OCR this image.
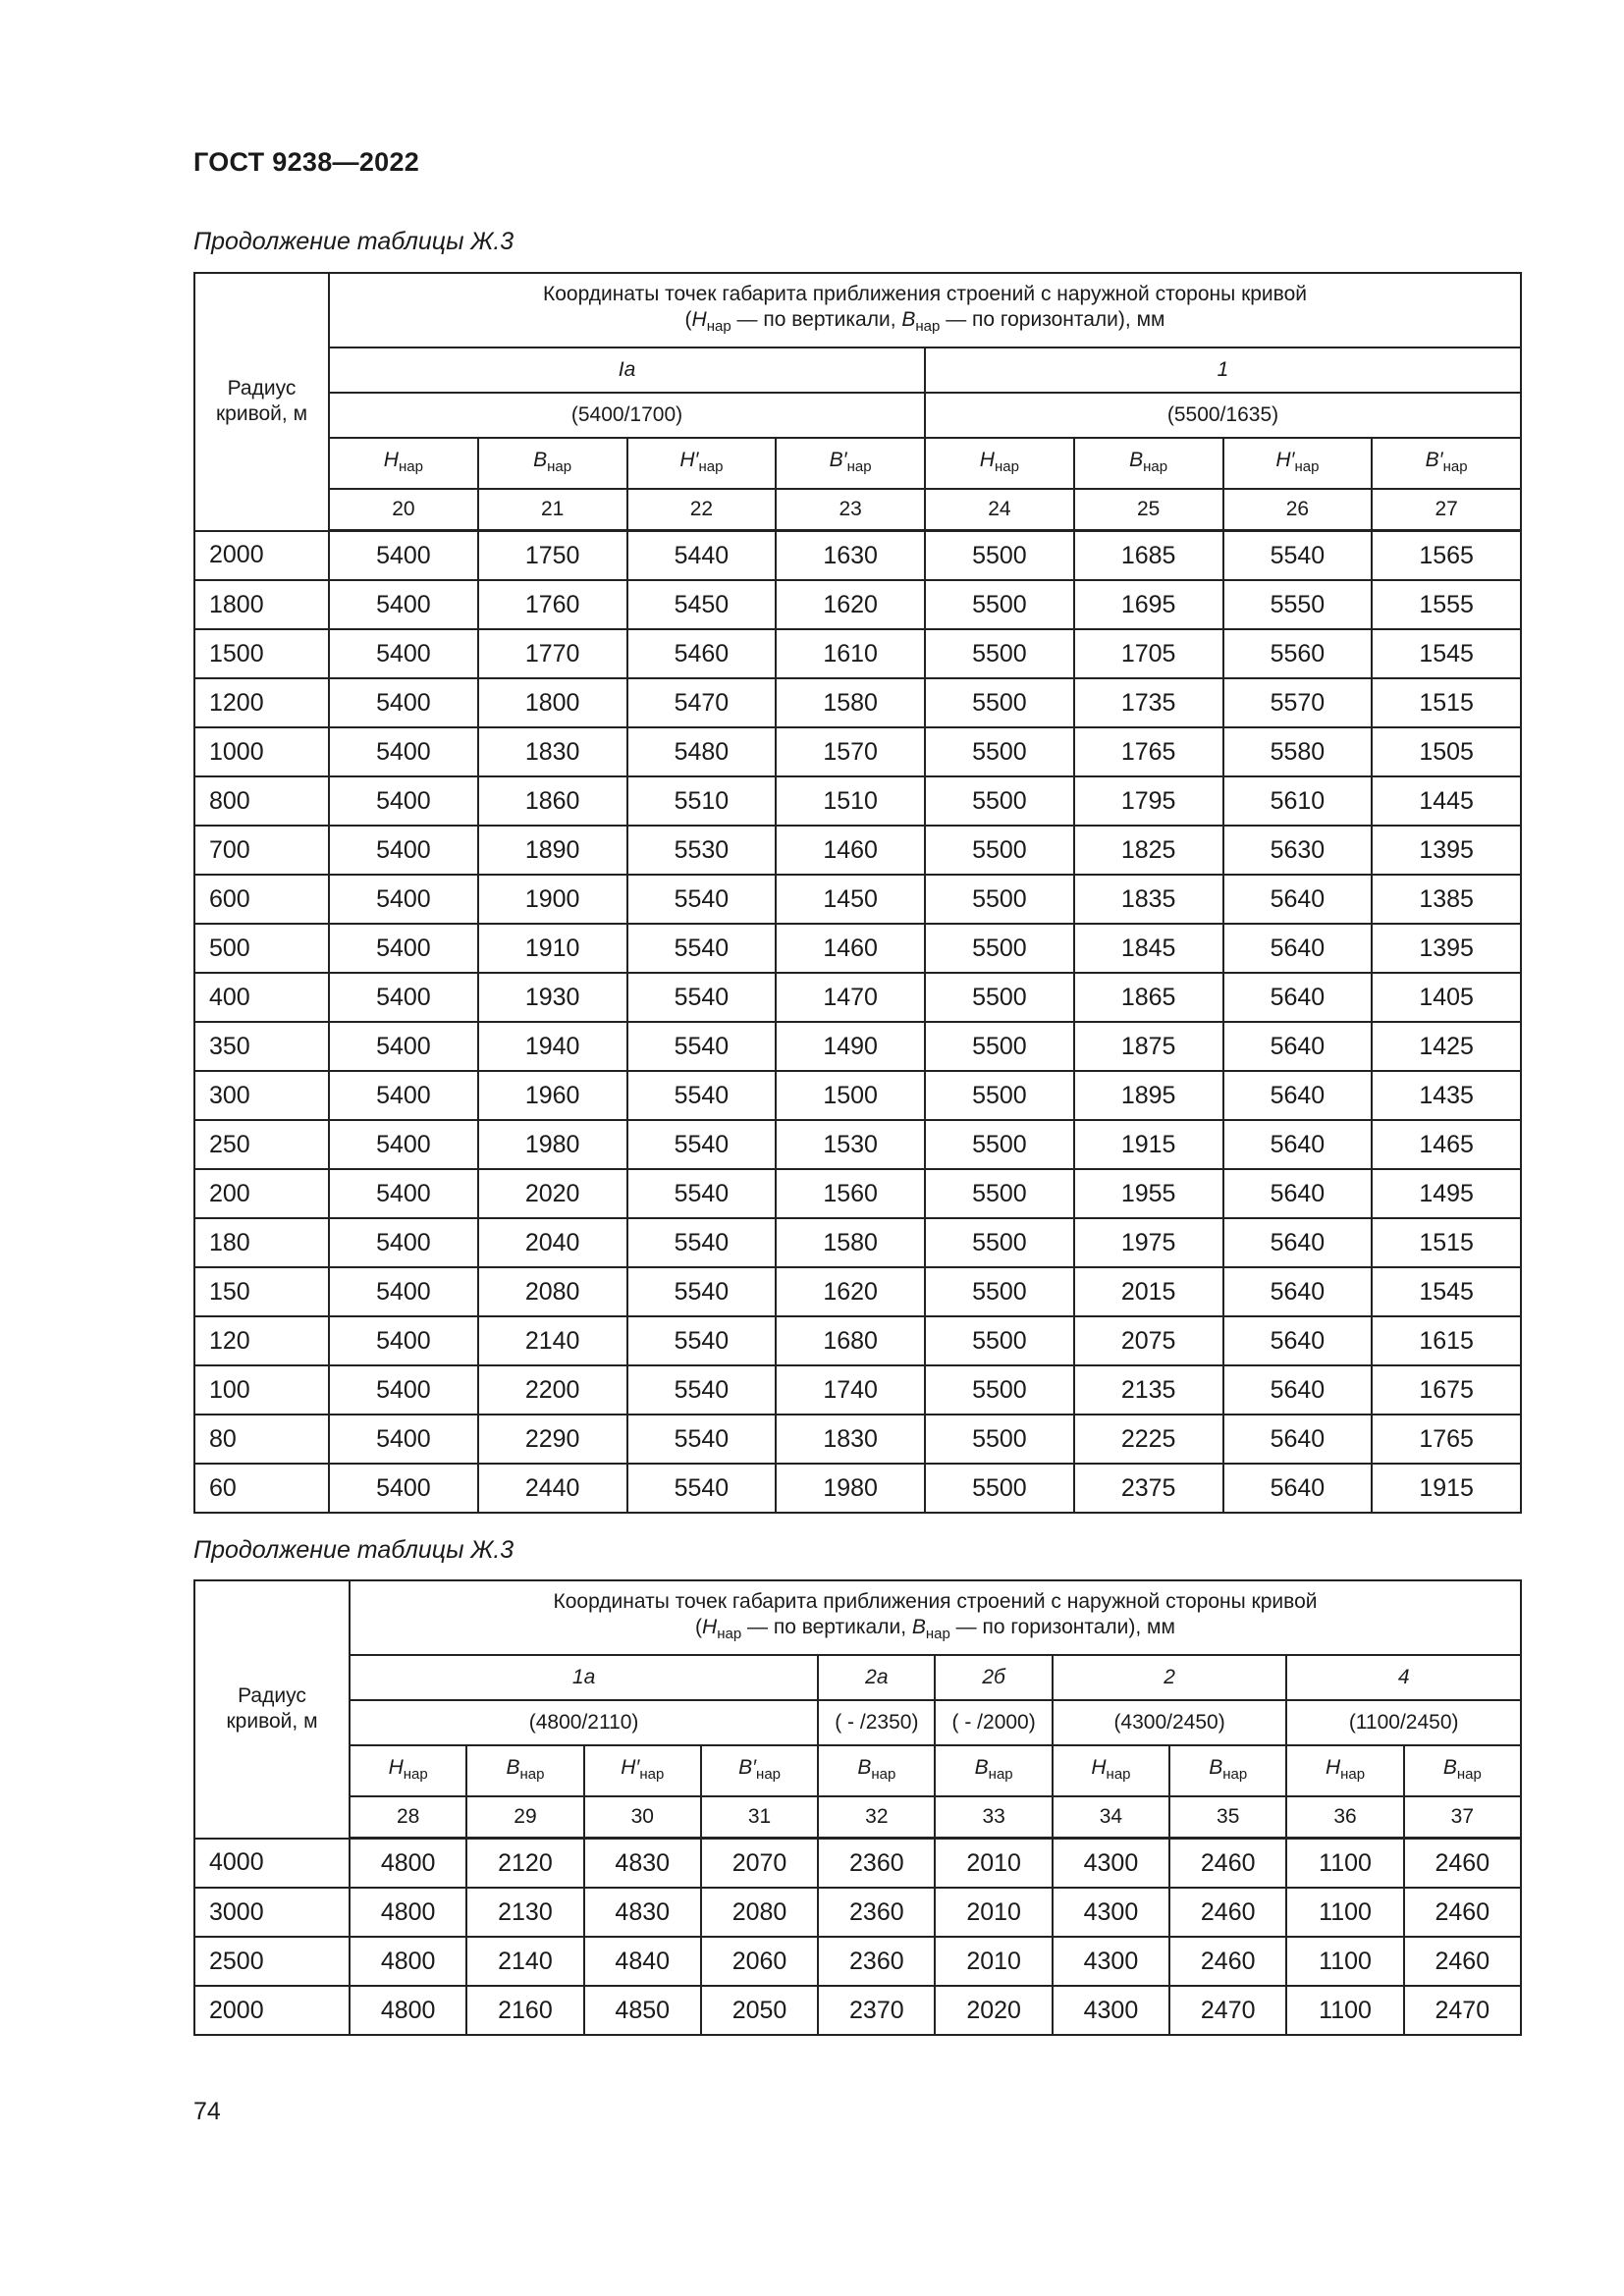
ГОСТ 9238—2022
Продолжение таблицы Ж.3
Радиус
кривой, м	Координаты точек габарита приближения строений с наружной стороны кривой
($H_{нар}$ — по вертикали, $B_{нар}$ — по горизонтали), мм							
	Ia				1			
	(5400/1700)				(5500/1635)			
	$H_{нар}$	$B_{нар}$	$H'_{нар}$	$B'_{нар}$	$H_{нар}$	$B_{нар}$	$H'_{нар}$	$B'_{нар}$
	20	21	22	23	24	25	26	27
2000	5400	1750	5440	1630	5500	1685	5540	1565
1800	5400	1760	5450	1620	5500	1695	5550	1555
1500	5400	1770	5460	1610	5500	1705	5560	1545
1200	5400	1800	5470	1580	5500	1735	5570	1515
1000	5400	1830	5480	1570	5500	1765	5580	1505
800	5400	1860	5510	1510	5500	1795	5610	1445
700	5400	1890	5530	1460	5500	1825	5630	1395
600	5400	1900	5540	1450	5500	1835	5640	1385
500	5400	1910	5540	1460	5500	1845	5640	1395
400	5400	1930	5540	1470	5500	1865	5640	1405
350	5400	1940	5540	1490	5500	1875	5640	1425
300	5400	1960	5540	1500	5500	1895	5640	1435
250	5400	1980	5540	1530	5500	1915	5640	1465
200	5400	2020	5540	1560	5500	1955	5640	1495
180	5400	2040	5540	1580	5500	1975	5640	1515
150	5400	2080	5540	1620	5500	2015	5640	1545
120	5400	2140	5540	1680	5500	2075	5640	1615
100	5400	2200	5540	1740	5500	2135	5640	1675
80	5400	2290	5540	1830	5500	2225	5640	1765
60	5400	2440	5540	1980	5500	2375	5640	1915
Продолжение таблицы Ж.3
Радиус
кривой, м	Координаты точек габарита приближения строений с наружной стороны кривой
($H_{нар}$ — по вертикали, $B_{нар}$ — по горизонтали), мм									
	1а				2а	2б	2		4	
	(4800/2110)				( - /2350)	( - /2000)	(4300/2450)		(1100/2450)	
	$H_{нар}$	$B_{нар}$	$H'_{нар}$	$B'_{нар}$	$B_{нар}$	$B_{нар}$	$H_{нар}$	$B_{нар}$	$H_{нар}$	$B_{нар}$
	28	29	30	31	32	33	34	35	36	37
4000	4800	2120	4830	2070	2360	2010	4300	2460	1100	2460
3000	4800	2130	4830	2080	2360	2010	4300	2460	1100	2460
2500	4800	2140	4840	2060	2360	2010	4300	2460	1100	2460
2000	4800	2160	4850	2050	2370	2020	4300	2470	1100	2470
74
